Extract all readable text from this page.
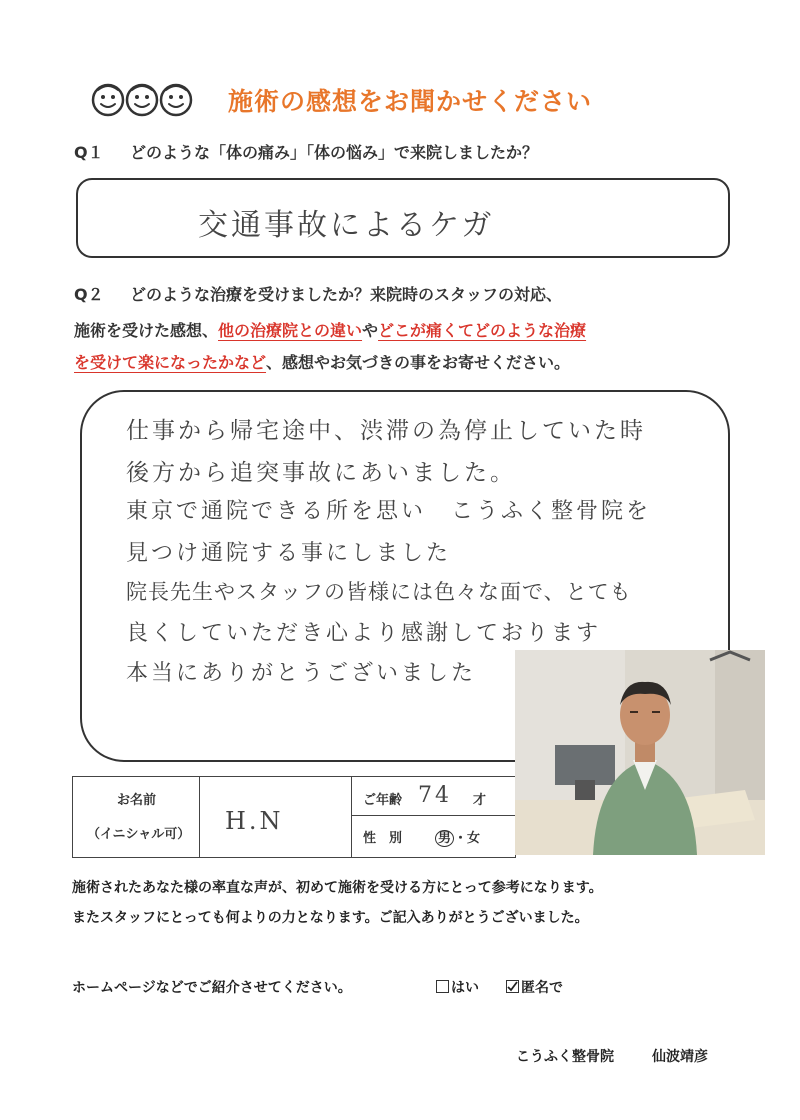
施術の感想をお聞かせください
Q１ どのような「体の痛み」「体の悩み」で来院しましたか？
交通事故によるケガ
Q２ どのような治療を受けましたか？来院時のスタッフの対応、
施術を受けた感想、他の治療院との違いやどこが痛くてどのような治療
を受けて楽になったかなど、感想やお気づきの事をお寄せください。
仕事から帰宅途中、渋滞の為停止していた時
後方から追突事故にあいました。
東京で通院できる所を思い　こうふく整骨院を
見つけ通院する事にしました
院長先生やスタッフの皆様には色々な面で、とても
良くしていただき心より感謝しております
本当にありがとうございました
お名前
（イニシャル可） H.N
ご年齢 74 才
性　別	男 ・女
施術されたあなた様の率直な声が、初めて施術を受ける方にとって参考になります。
またスタッフにとっても何よりの力となります。ご記入ありがとうございました。
ホームページなどでご紹介させてください。	はい	匿名で
こうふく整骨院	仙波靖彦
